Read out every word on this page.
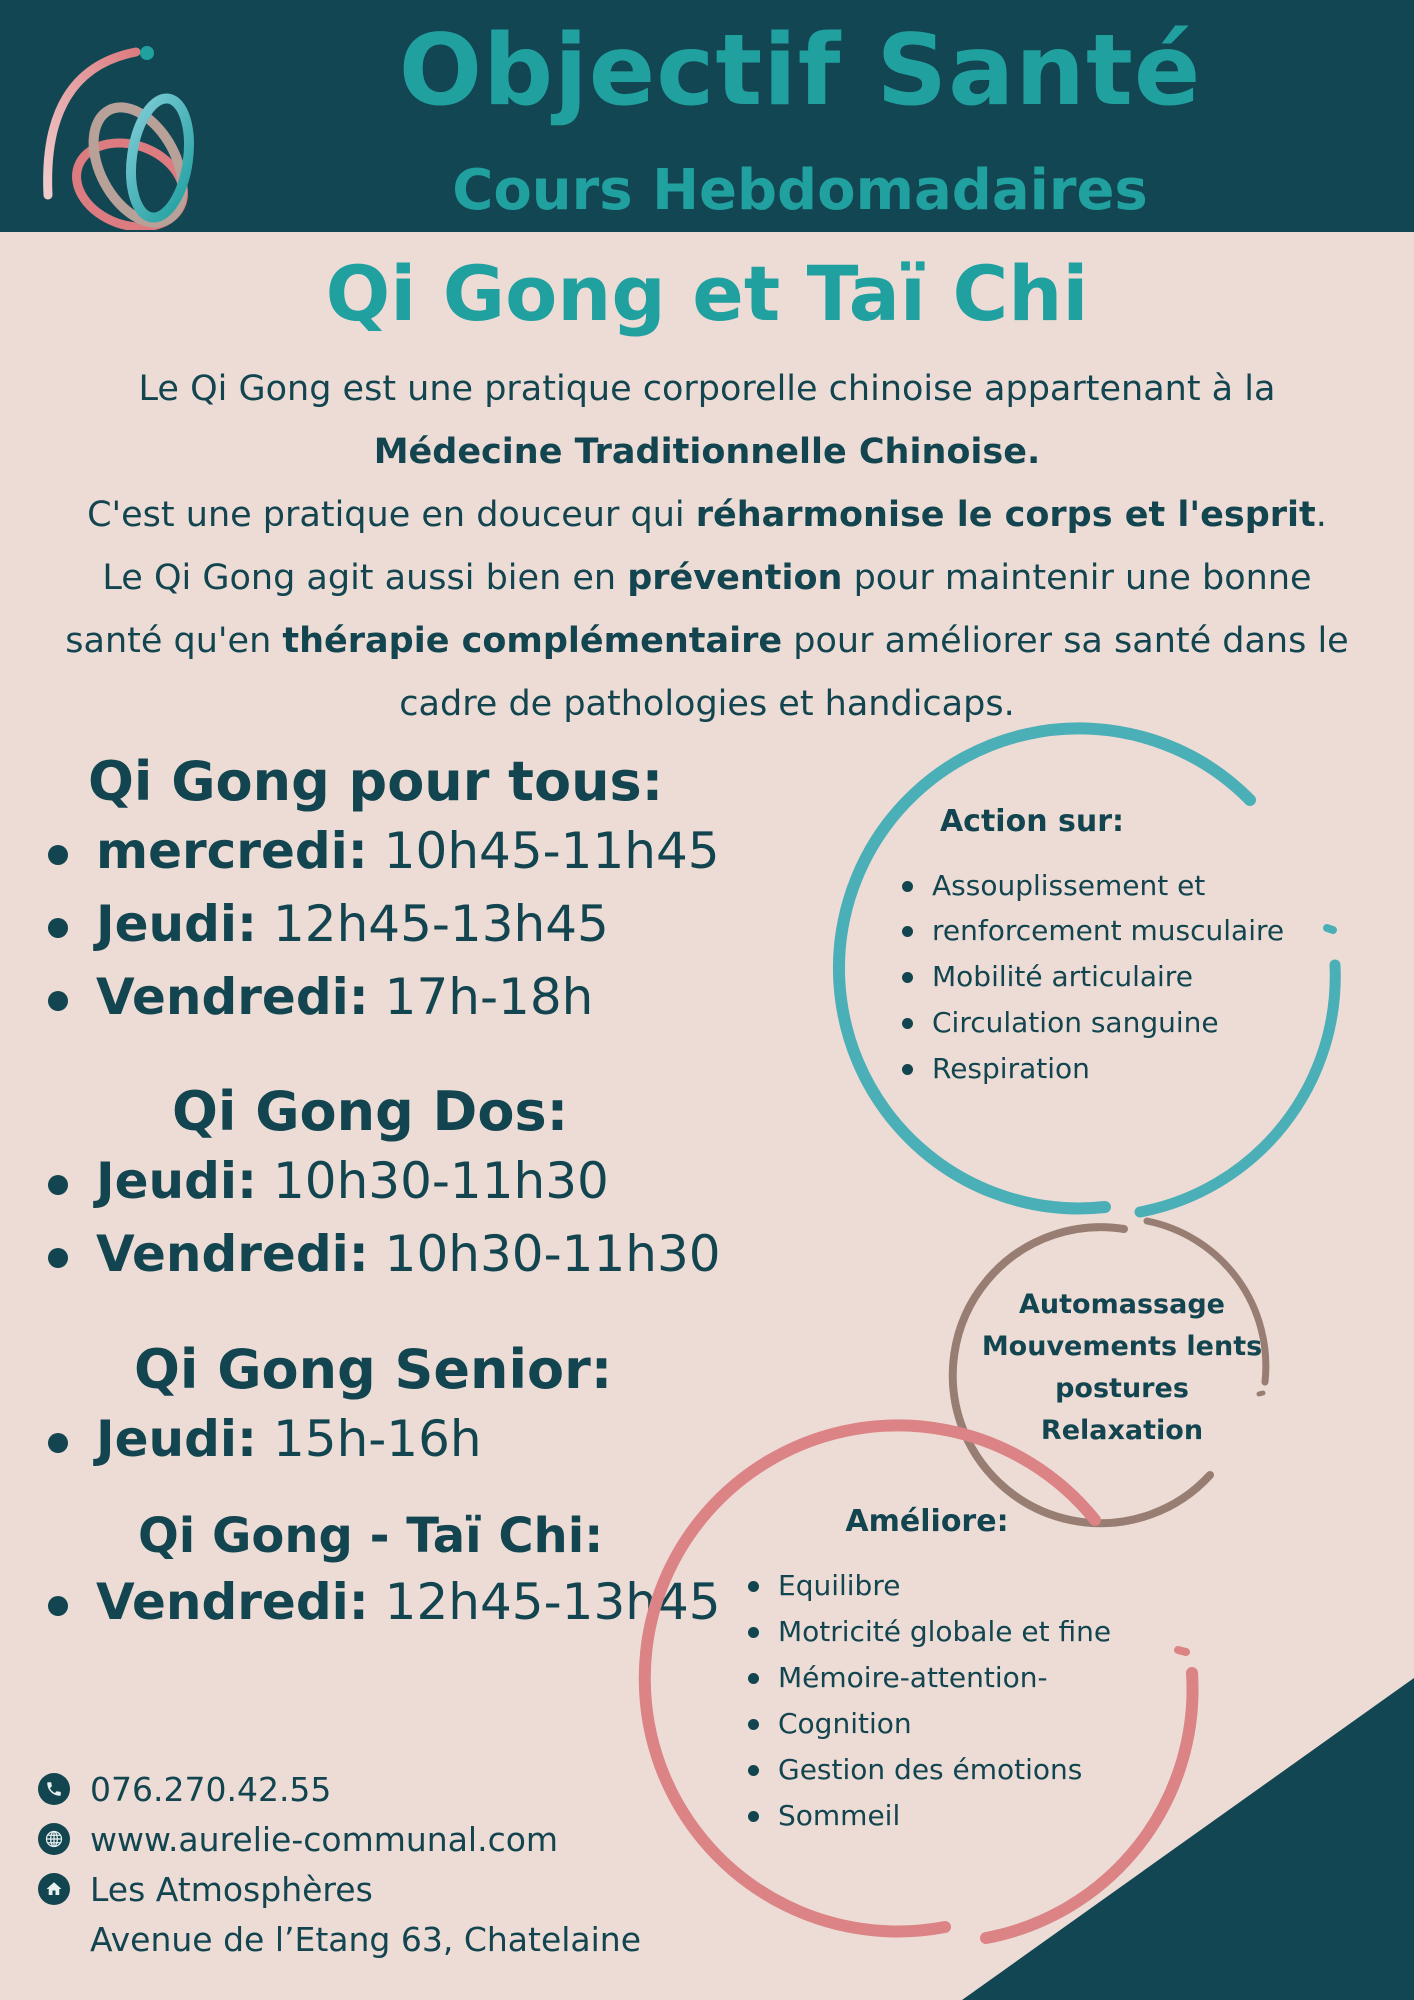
Objectif Santé
Cours Hebdomadaires
Qi Gong et Taï Chi
Le Qi Gong est une pratique corporelle chinoise appartenant à la
Médecine Traditionnelle Chinoise.
C'est une pratique en douceur qui réharmonise le corps et l'esprit.
Le Qi Gong agit aussi bien en prévention pour maintenir une bonne
santé qu'en thérapie complémentaire pour améliorer sa santé dans le
cadre de pathologies et handicaps.
Qi Gong pour tous:
mercredi: 10h45-11h45
Jeudi: 12h45-13h45
Vendredi: 17h-18h
Qi Gong Dos:
Jeudi: 10h30-11h30
Vendredi: 10h30-11h30
Qi Gong Senior:
Jeudi: 15h-16h
Qi Gong - Taï Chi:
Vendredi: 12h45-13h45
Action sur:
Assouplissement et
renforcement musculaire
Mobilité articulaire
Circulation sanguine
Respiration
Automassage
Mouvements lents
postures
Relaxation
Améliore:
Equilibre
Motricité globale et fine
Mémoire-attention-
Cognition
Gestion des émotions
Sommeil
076.270.42.55
www.aurelie-communal.com
Les Atmosphères
Avenue de l’Etang 63, Chatelaine
